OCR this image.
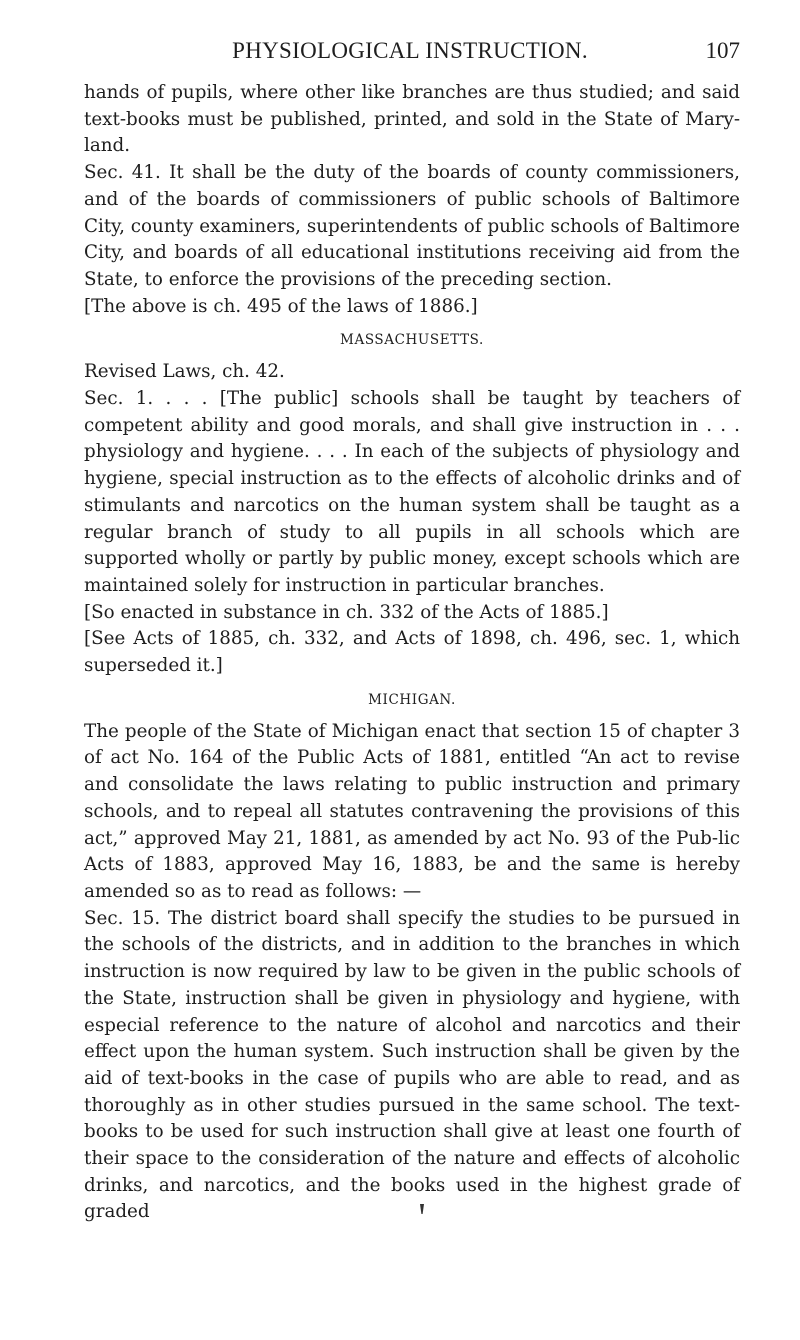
PHYSIOLOGICAL INSTRUCTION.	107

hands of pupils, where other like branches are thus studied; and said text-books must be published, printed, and sold in the State of Mary-land.

Sec. 41. It shall be the duty of the boards of county commissioners, and of the boards of commissioners of public schools of Baltimore City, county examiners, superintendents of public schools of Baltimore City, and boards of all educational institutions receiving aid from the State, to enforce the provisions of the preceding section.

[The above is ch. 495 of the laws of 1886.]

MASSACHUSETTS.

Revised Laws, ch. 42.

Sec. 1. . . . [The public] schools shall be taught by teachers of competent ability and good morals, and shall give instruction in . . . physiology and hygiene. . . . In each of the subjects of physiology and hygiene, special instruction as to the effects of alcoholic drinks and of stimulants and narcotics on the human system shall be taught as a regular branch of study to all pupils in all schools which are supported wholly or partly by public money, except schools which are maintained solely for instruction in particular branches.

[So enacted in substance in ch. 332 of the Acts of 1885.]

[See Acts of 1885, ch. 332, and Acts of 1898, ch. 496, sec. 1, which superseded it.]

MICHIGAN.

The people of the State of Michigan enact that section 15 of chapter 3 of act No. 164 of the Public Acts of 1881, entitled “An act to revise and consolidate the laws relating to public instruction and primary schools, and to repeal all statutes contravening the provisions of this act,” approved May 21, 1881, as amended by act No. 93 of the Pub-lic Acts of 1883, approved May 16, 1883, be and the same is hereby amended so as to read as follows: —

Sec. 15. The district board shall specify the studies to be pursued in the schools of the districts, and in addition to the branches in which instruction is now required by law to be given in the public schools of the State, instruction shall be given in physiology and hygiene, with especial reference to the nature of alcohol and narcotics and their effect upon the human system. Such instruction shall be given by the aid of text-books in the case of pupils who are able to read, and as thoroughly as in other studies pursued in the same school. The text-books to be used for such instruction shall give at least one fourth of their space to the consideration of the nature and effects of alcoholic drinks, and narcotics, and the books used in the highest grade of graded
